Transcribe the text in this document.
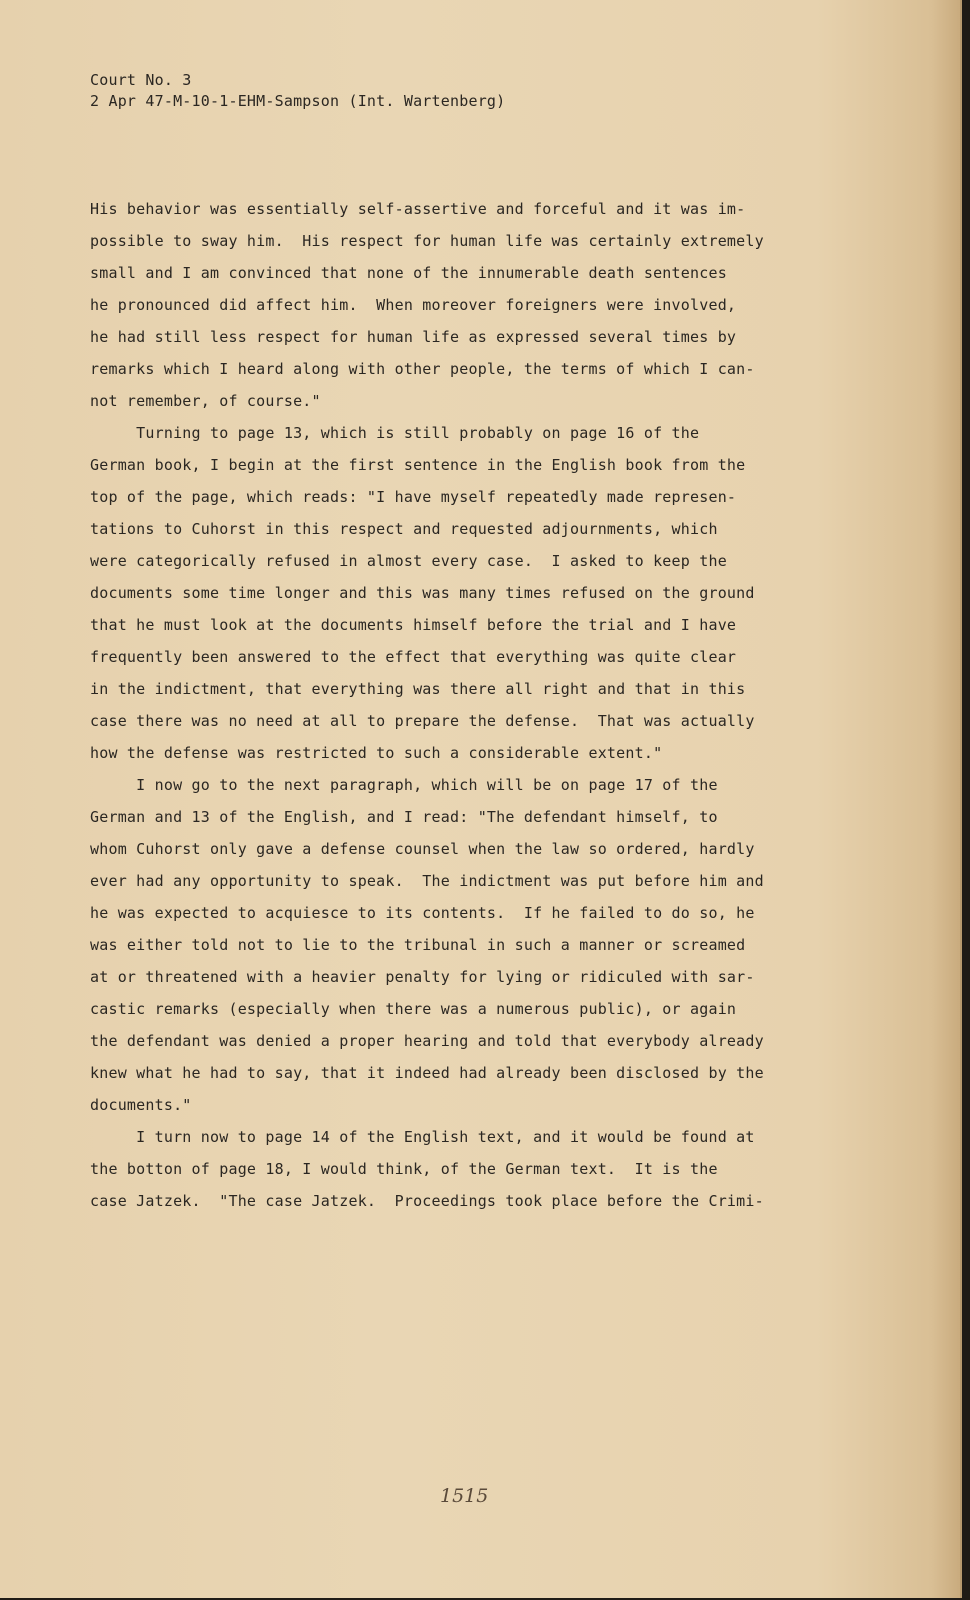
Court No. 3
2 Apr 47-M-10-1-EHM-Sampson (Int. Wartenberg)
His behavior was essentially self-assertive and forceful and it was im-
possible to sway him.  His respect for human life was certainly extremely
small and I am convinced that none of the innumerable death sentences
he pronounced did affect him.  When moreover foreigners were involved,
he had still less respect for human life as expressed several times by
remarks which I heard along with other people, the terms of which I can-
not remember, of course."
Turning to page 13, which is still probably on page 16 of the
German book, I begin at the first sentence in the English book from the
top of the page, which reads: "I have myself repeatedly made represen-
tations to Cuhorst in this respect and requested adjournments, which
were categorically refused in almost every case.  I asked to keep the
documents some time longer and this was many times refused on the ground
that he must look at the documents himself before the trial and I have
frequently been answered to the effect that everything was quite clear
in the indictment, that everything was there all right and that in this
case there was no need at all to prepare the defense.  That was actually
how the defense was restricted to such a considerable extent."
I now go to the next paragraph, which will be on page 17 of the
German and 13 of the English, and I read: "The defendant himself, to
whom Cuhorst only gave a defense counsel when the law so ordered, hardly
ever had any opportunity to speak.  The indictment was put before him and
he was expected to acquiesce to its contents.  If he failed to do so, he
was either told not to lie to the tribunal in such a manner or screamed
at or threatened with a heavier penalty for lying or ridiculed with sar-
castic remarks (especially when there was a numerous public), or again
the defendant was denied a proper hearing and told that everybody already
knew what he had to say, that it indeed had already been disclosed by the
documents."
I turn now to page 14 of the English text, and it would be found at
the botton of page 18, I would think, of the German text.  It is the
case Jatzek.  "The case Jatzek.  Proceedings took place before the Crimi-
1515
